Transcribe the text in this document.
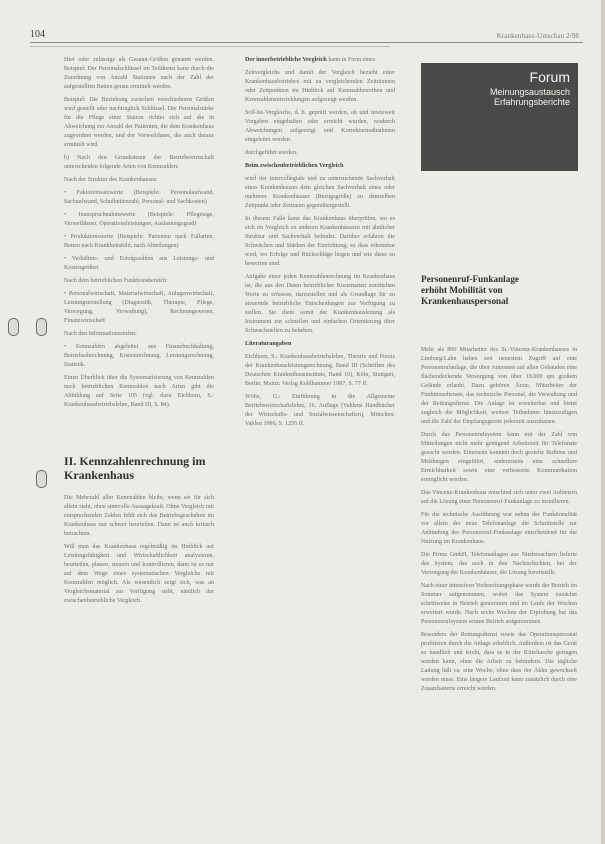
104	Krankenhaus-Umschau 2/98

Hier oder zulässige als Gesamt-Größen genannt werden. Beispiel: Der Personalschlüssel im Teildienst kann durch die Zuordnung von Anzahl Stationen nach der Zahl der aufgestellten Betten genau ermittelt werden.

Beispiel: Die Beziehung zwischen verschiedenen Größen wird gestellt oder nachträglich Schlüssel. Die Personalstärke für die Pflege einer Station richtet sich auf die in Abweichung zur Anzahl der Patienten, die dem Krankenhaus zugeordnet werden, und der Verweildauer, die auch daraus ermittelt wird.

b) Nach den Grundsätzen der Betriebswirtschaft unterscheiden folgende Arten von Kennzahlen:

Nach der Struktur des Krankenhauses:

• Faktoreinsatzwerte (Beispiele: Personalaufwand, Sachaufwand, Schulbettenzahl, Personal- und Sachkosten)

• Inanspruchnahmewerte (Beispiele: Pflegetage, Verweildauer, Operationsleistungen, Auslastungsgrad)

• Produktionswerte (Beispiele: Patienten nach Fallarten, Betten nach Krankheitsbild, nach Abteilungen)

• Verhältnis- und Erfolgszahlen aus Leistungs- und Kostengrößen

Nach dem betrieblichen Funktionsbereich:

• Personalwirtschaft, Materialwirtschaft, Anlagenwirtschaft, Leistungserstellung (Diagnostik, Therapie, Pflege, Versorgung, Verwaltung), Rechnungswesen, Finanzwirtschaft

Nach den Informationsstufen:

• Kennzahlen abgeleitet aus Finanzbuchhaltung, Betriebsabrechnung, Kostenrechnung, Leistungsrechnung, Statistik.

Einen Überblick über die Systematisierung von Kennzahlen nach betrieblichen Kennzahlen nach Arten gibt die Abbildung auf Seite 105 (vgl. dazu Eichhorn, S.: Krankenhausbetriebslehre, Band III, S. 84).

II. Kennzahlenrechnung im
Krankenhaus

Die Mehrzahl aller Kennzahlen bleibt, wenn sie für sich allein steht, ohne sinnvolle Aussagekraft. Ohne Vergleich mit entsprechenden Zahlen fehlt sich das Betriebsgeschehen im Krankenhaus nur schwer beurteilen. Dann ist auch kritisch betrachten.

Will man das Krankenhaus regelmäßig im Hinblick auf Leistungsfähigkeit und Wirtschaftlichkeit analysieren, beurteilen, planen, steuern und kontrollieren, dann ist es nur auf dem Wege eines systematischen Vergleichs mit Kennzahlen möglich. Als wesentlich zeigt sich, was an Vergleichsmaterial zur Verfügung steht, nämlich der zwischenbetriebliche Vergleich.

Der innerbetriebliche Vergleich kann in Form eines

Zeitvergleichs und damit der Vergleich bezieht einer Krankenhausbetriebes mit zu vergleichenden Zeiträumen oder Zeitpunkten im Hinblick auf Kennzahlenreihen und Kennzahlenentwicklungen aufgezeigt werden.

Soll-Ist-Vergleichs, d. h. geprüft werden, ob und inwieweit Vorgaben eingehalten oder erreicht wurden, wodurch Abweichungen aufgezeigt und Korrekturmaßnahmen eingeleitet werden.

durchgeführt werden.

Beim zwischenbetrieblichen Vergleich

wird der intercollegiale und zu untersuchende Sachverhalt eines Krankenhauses dem gleichen Sachverhalt eines oder mehrerer Krankenhäuser (Bezugsgröße) zu demselben Zeitpunkt oder Zeitraum gegenübergestellt.

In diesem Falle kann das Krankenhaus überprüfen, wo es sich im Vergleich zu anderen Krankenhäusern mit ähnlicher Struktur und Sachverhalt befindet. Darüber erfahren die Schwächen und Stärken der Einrichtung, so dass erkennbar wird, wo Erfolge und Rückschläge liegen und wie diese zu bewerten sind.

Aufgabe einer jeden Kennzahlenrechnung im Krankenhaus ist, die aus den Daten betrieblicher Kostenarten ermittelten Werte zu erfassen, darzustellen und als Grundlage für zu steuernde betriebliche Entscheidungen zur Verfügung zu stellen. Sie dient somit der Krankenhausleitung als Instrument zur schnellen und einfachen Orientierung über Schwachstellen zu beheben.

Literaturangaben

Eichhorn, S.: Krankenhausbetriebslehre, Theorie und Praxis der Krankenhausleistungsrechnung, Band III (Schriften des Deutschen Krankenhausinstituts, Band 10), Köln, Stuttgart, Berlin, Mainz: Verlag Kohlhammer 1987, S. 77 ff.

Wöhe, G.: Einführung in die Allgemeine Betriebswirtschaftslehre, 16. Auflage (Vahlens Handbücher der Wirtschafts- und Sozialwissenschaften), München: Vahlen 1986, S. 1255 ff.

Forum
Meinungsaustausch
Erfahrungsberichte
Personenruf-Funkanlage
erhöht Mobilität von
Krankenhauspersonal

Mehr als 800 Mitarbeiter des St.-Vincenz-Krankenhauses in Limburg/Lahn haben seit neuestem Zugriff auf eine Personenrufanlage, die über Antennen auf allen Gebäuden eine flächendeckende Versorgung von über 18.000 qm großem Gelände erlaubt. Dazu gehören Ärzte, Mitarbeiter der Funktionsdienste, das technische Personal, die Verwaltung und der Rettungsdienst. Die Anlage ist erweiterbar und bietet zugleich die Möglichkeit, weitere Teilnehmer hinzuzufügen und die Zahl der Empfangsgeräte jederzeit auszubauen.

Durch das Personenrufsystem kann mit der Zahl von Mitteilungen nicht mehr genügend Arbeitszeit für Telefonate gesucht werden. Einerseits konnten doch gezielte Ruftöne und Meldungen eingeführt, andererseits eine schnellere Erreichbarkeit sowie eine verbesserte Kommunikation ermöglicht werden.

Das Vincenz-Krankenhaus entschied sich unter zwei Anbietern auf die Lösung einer Personenruf-Funkanlage zu installieren.

Für die technische Ausführung war neben der Funktionalität vor allem der neue Telefonanlage die Schnittstelle zur Anbindung der Personenruf-Funkanlage entscheidend für die Nutzung im Krankenhaus.

Die Firma GmbH, Telefonanlagen aus Niedersachsen lieferte das System, das auch in den Nachtschichten, bei der Versorgung der Krankenhäuser, die Lösung bereitstellt.

Nach einer intensiven Vorbereitungsphase wurde der Betrieb im Sommer aufgenommen, wobei das System zunächst schrittweise in Betrieb genommen und im Laufe der Wochen erweitert wurde. Nach sechs Wochen der Erprobung hat das Personenrufsystem seinen Betrieb aufgenommen.

Besonders der Rettungsdienst sowie das Operationspersonal profitieren durch die Anlage erheblich. Außerdem ist das Gerät so handlich und leicht, dass es in der Kitteltasche getragen werden kann, ohne die Arbeit zu behindern. Die tägliche Ladung hält ca. eine Woche, ohne dass der Akku gewechselt werden muss. Eine längere Laufzeit kann zusätzlich durch eine Zusatzbatterie erreicht werden.
